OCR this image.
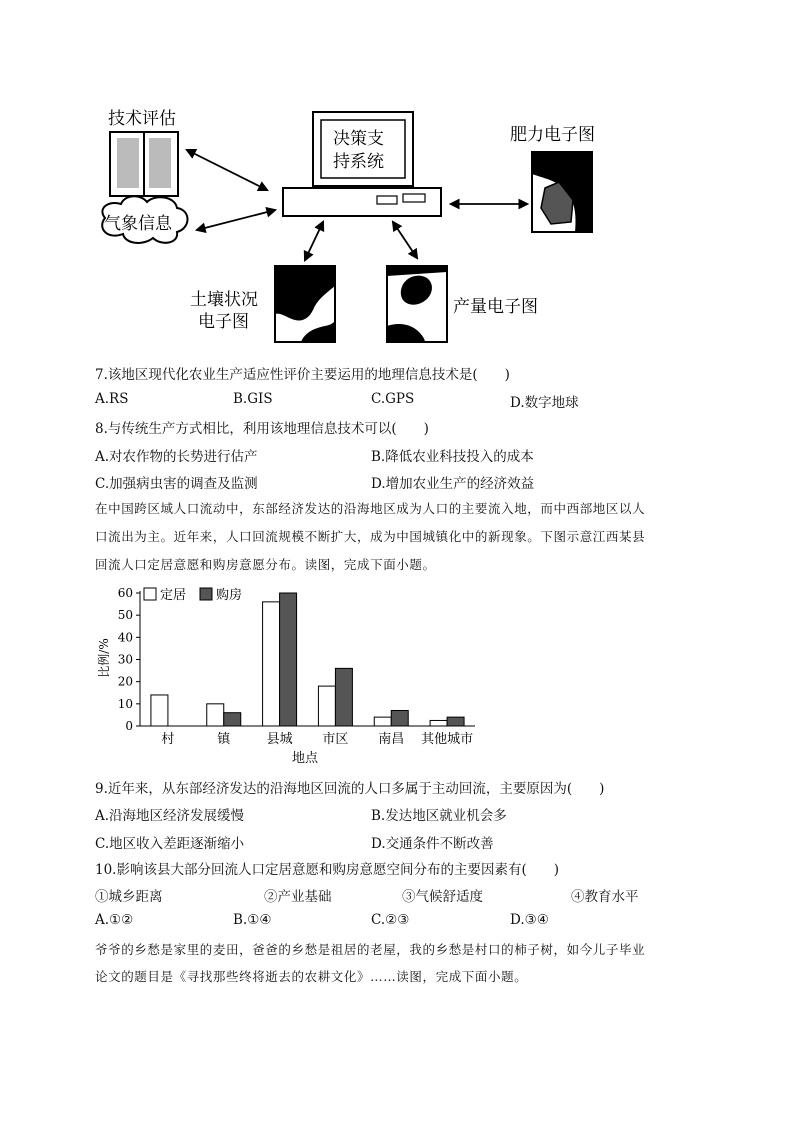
技术评估
气象信息
决策支
持系统
肥力电子图
土壤状况
电子图
产量电子图
7.该地区现代化农业生产适应性评价主要运用的地理信息技术是(  )
A.RS	B.GIS	C.GPS	D.数字地球
8.与传统生产方式相比，利用该地理信息技术可以(  )
A.对农作物的长势进行估产	B.降低农业科技投入的成本
C.加强病虫害的调查及监测	D.增加农业生产的经济效益
在中国跨区域人口流动中，东部经济发达的沿海地区成为人口的主要流入地，而中西部地区以人
口流出为主。近年来，人口回流规模不断扩大，成为中国城镇化中的新现象。下图示意江西某县
回流人口定居意愿和购房意愿分布。读图，完成下面小题。
0
10
20
30
40
50
60
村	镇	县城 市区 南昌 其他城市
定居 购房
比例/%
地点
9.近年来，从东部经济发达的沿海地区回流的人口多属于主动回流，主要原因为(  )
A.沿海地区经济发展缓慢	B.发达地区就业机会多
C.地区收入差距逐渐缩小	D.交通条件不断改善
10.影响该县大部分回流人口定居意愿和购房意愿空间分布的主要因素有(  )
①城乡距离	②产业基础	③气候舒适度	④教育水平
A.①②	B.①④	C.②③	D.③④
爷爷的乡愁是家里的麦田，爸爸的乡愁是祖居的老屋，我的乡愁是村口的柿子树，如今儿子毕业
论文的题目是《寻找那些终将逝去的农耕文化》……读图，完成下面小题。
